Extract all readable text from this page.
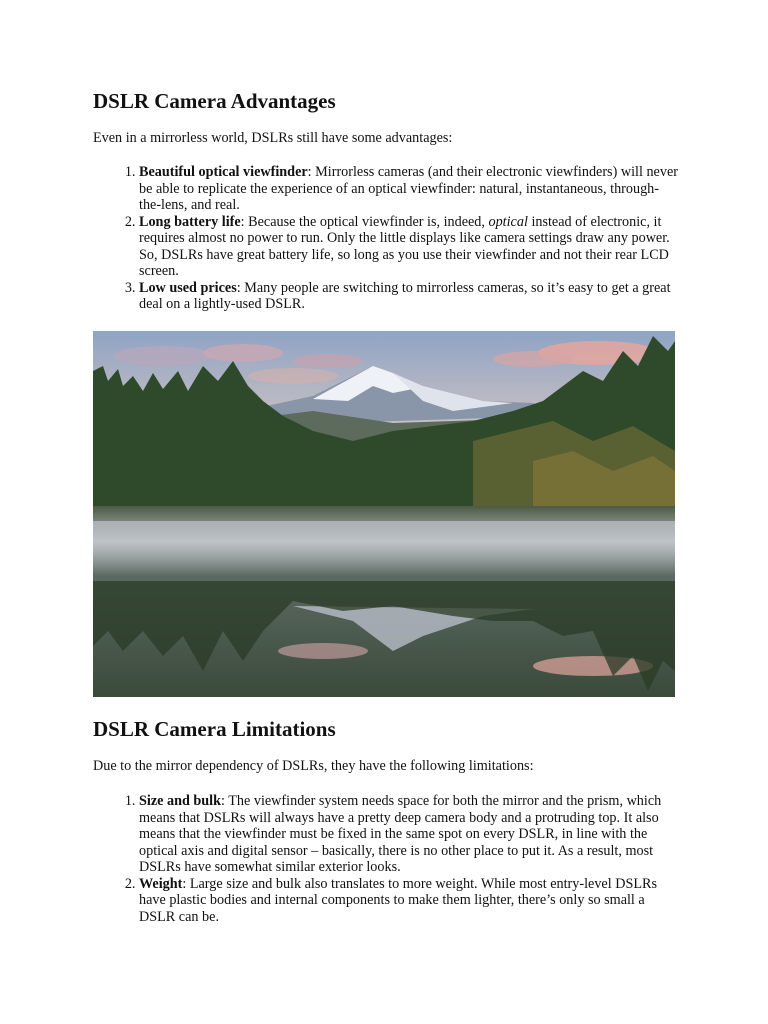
DSLR Camera Advantages

Even in a mirrorless world, DSLRs still have some advantages:

1. Beautiful optical viewfinder: Mirrorless cameras (and their electronic viewfinders) will never be able to replicate the experience of an optical viewfinder: natural, instantaneous, through-the-lens, and real.
2. Long battery life: Because the optical viewfinder is, indeed, optical instead of electronic, it requires almost no power to run. Only the little displays like camera settings draw any power. So, DSLRs have great battery life, so long as you use their viewfinder and not their rear LCD screen.
3. Low used prices: Many people are switching to mirrorless cameras, so it’s easy to get a great deal on a lightly-used DSLR.
DSLR Camera Limitations

Due to the mirror dependency of DSLRs, they have the following limitations:

1. Size and bulk: The viewfinder system needs space for both the mirror and the prism, which means that DSLRs will always have a pretty deep camera body and a protruding top. It also means that the viewfinder must be fixed in the same spot on every DSLR, in line with the optical axis and digital sensor – basically, there is no other place to put it. As a result, most DSLRs have somewhat similar exterior looks.
2. Weight: Large size and bulk also translates to more weight. While most entry-level DSLRs have plastic bodies and internal components to make them lighter, there’s only so small a DSLR can be.
